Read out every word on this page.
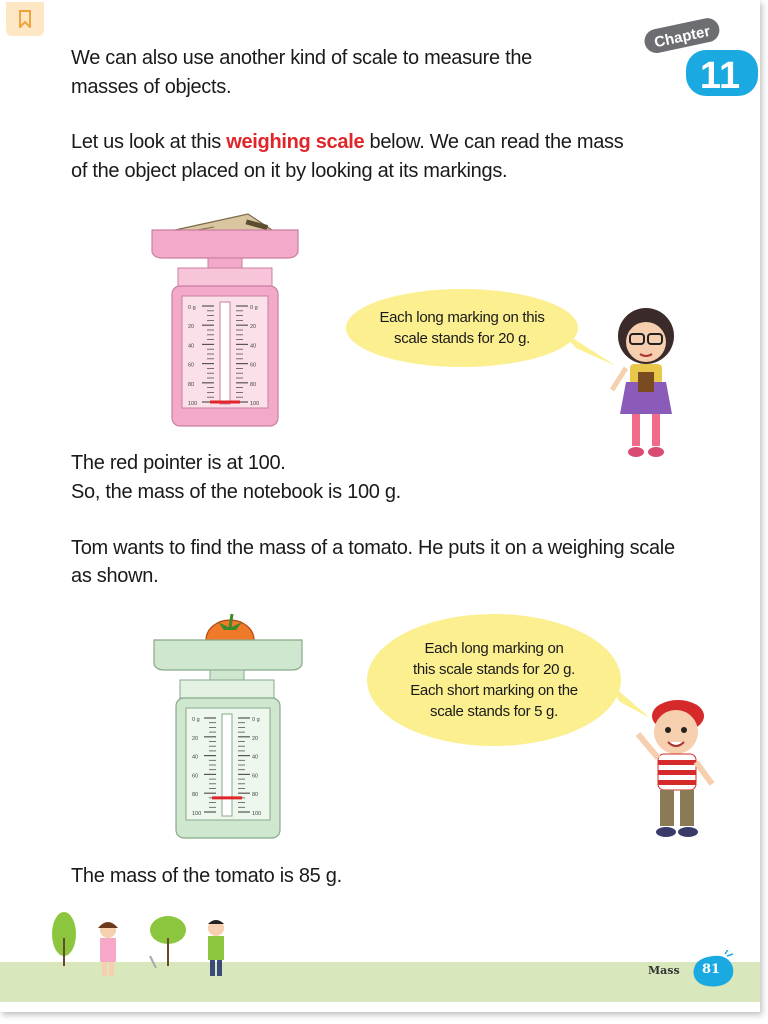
Chapter
11

We can also use another kind of scale to measure the

masses of objects.

Let us look at this weighing scale below. We can read the mass

of the object placed on it by looking at its markings.

0 g	0 g
20	20
40	40
60	60
80	80
100	100
Each long marking on this
scale stands for 20 g.

The red pointer is at 100.

So, the mass of the notebook is 100 g.

Tom wants to find the mass of a tomato. He puts it on a weighing scale

as shown.

0 g	0 g
20	20
40	40
60	60
80	80
100	100
Each long marking on
this scale stands for 20 g.
Each short marking on the
scale stands for 5 g.

The mass of the tomato is 85 g.

Mass	81
